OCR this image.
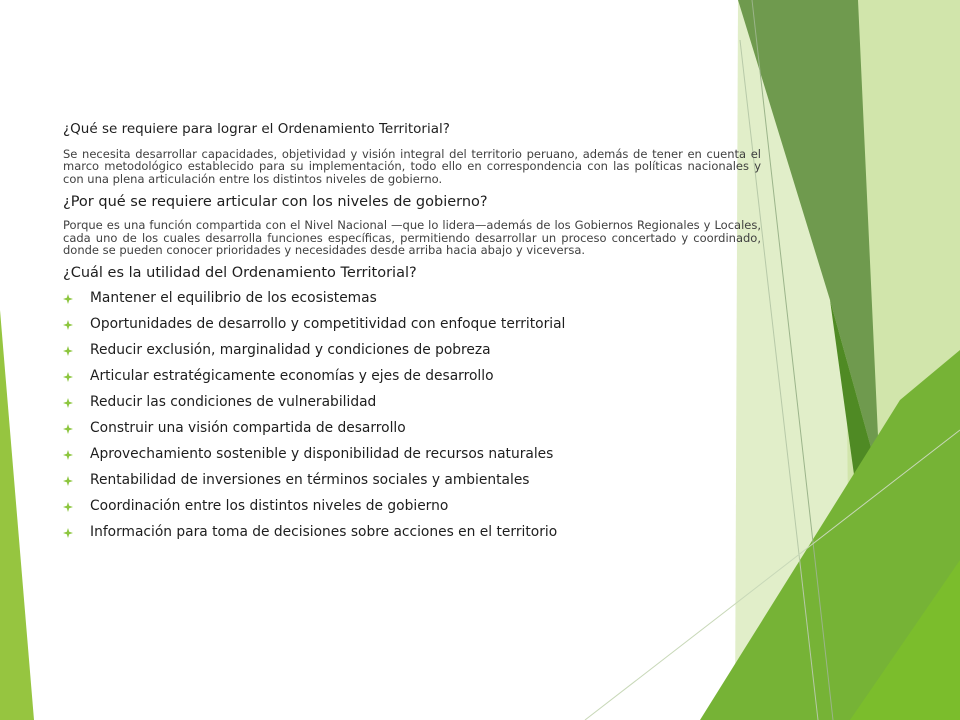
¿Qué se requiere para lograr el Ordenamiento Territorial?

Se necesita desarrollar capacidades, objetividad y visión integral del territorio peruano, además de tener en cuenta el marco metodológico establecido para su implementación, todo ello en correspondencia con las políticas nacionales y con una plena articulación entre los distintos niveles de gobierno.

¿Por qué se requiere articular con los niveles de gobierno?

Porque es una función compartida con el Nivel Nacional —que lo lidera—además de los Gobiernos Regionales y Locales, cada uno de los cuales desarrolla funciones específicas, permitiendo desarrollar un proceso concertado y coordinado, donde se pueden conocer prioridades y necesidades desde arriba hacia abajo y viceversa.

¿Cuál es la utilidad del Ordenamiento Territorial?

Mantener el equilibrio de los ecosistemas
Oportunidades de desarrollo y competitividad con enfoque territorial
Reducir exclusión, marginalidad y condiciones de pobreza
Articular estratégicamente economías y ejes de desarrollo
Reducir las condiciones de vulnerabilidad
Construir una visión compartida de desarrollo
Aprovechamiento sostenible y disponibilidad de recursos naturales
Rentabilidad de inversiones en términos sociales y ambientales
Coordinación entre los distintos niveles de gobierno
Información para toma de decisiones sobre acciones en el territorio
